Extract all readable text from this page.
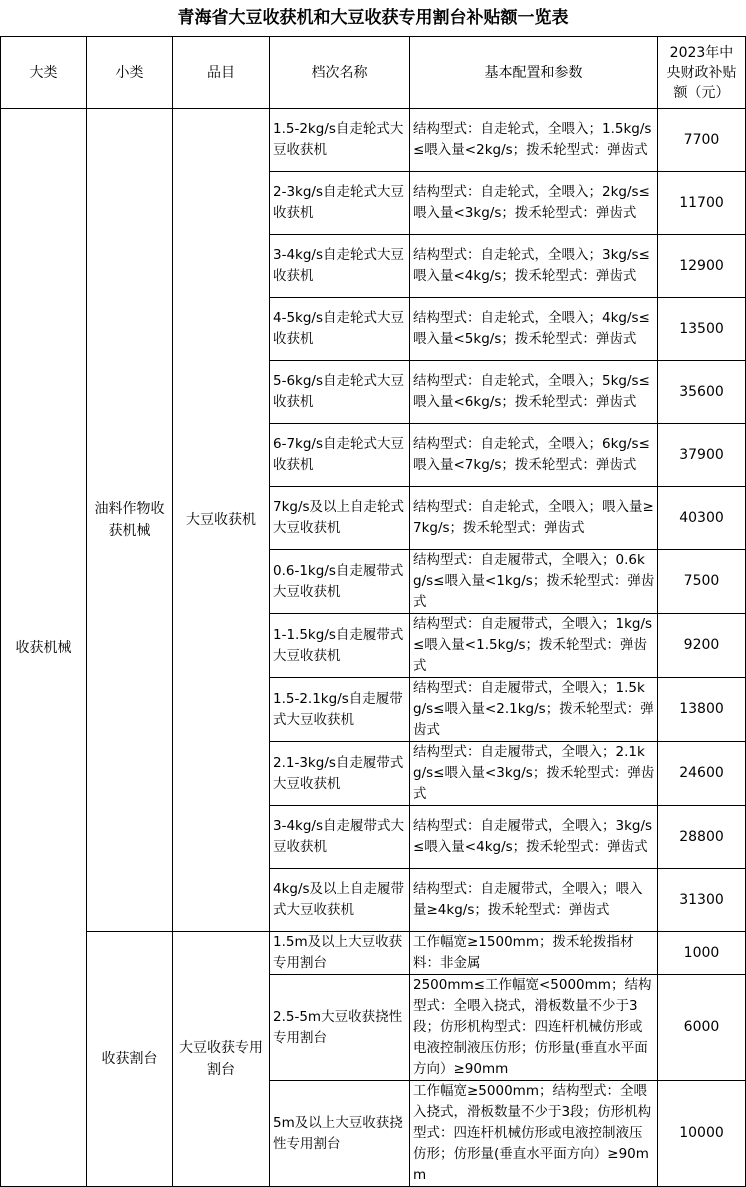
青海省大豆收获机和大豆收获专用割台补贴额一览表
大类	小类	品目	档次名称	基本配置和参数	2023年中央财政补贴额（元）
收获机械	油料作物收获机械	大豆收获机	1.5-2kg/s自走轮式大豆收获机	结构型式：自走轮式，全喂入；1.5kg/s≤喂入量<2kg/s；拨禾轮型式：弹齿式	7700
			2-3kg/s自走轮式大豆收获机	结构型式：自走轮式，全喂入；2kg/s≤喂入量<3kg/s；拨禾轮型式：弹齿式	11700
			3-4kg/s自走轮式大豆收获机	结构型式：自走轮式，全喂入；3kg/s≤喂入量<4kg/s；拨禾轮型式：弹齿式	12900
			4-5kg/s自走轮式大豆收获机	结构型式：自走轮式，全喂入；4kg/s≤喂入量<5kg/s；拨禾轮型式：弹齿式	13500
			5-6kg/s自走轮式大豆收获机	结构型式：自走轮式，全喂入；5kg/s≤喂入量<6kg/s；拨禾轮型式：弹齿式	35600
			6-7kg/s自走轮式大豆收获机	结构型式：自走轮式，全喂入；6kg/s≤喂入量<7kg/s；拨禾轮型式：弹齿式	37900
			7kg/s及以上自走轮式大豆收获机	结构型式：自走轮式，全喂入；喂入量≥7kg/s；拨禾轮型式：弹齿式	40300
			0.6-1kg/s自走履带式大豆收获机	结构型式：自走履带式，全喂入；0.6kg/s≤喂入量<1kg/s；拨禾轮型式：弹齿式	7500
			1-1.5kg/s自走履带式大豆收获机	结构型式：自走履带式，全喂入；1kg/s≤喂入量<1.5kg/s；拨禾轮型式：弹齿式	9200
			1.5-2.1kg/s自走履带式大豆收获机	结构型式：自走履带式，全喂入；1.5kg/s≤喂入量<2.1kg/s；拨禾轮型式：弹齿式	13800
			2.1-3kg/s自走履带式大豆收获机	结构型式：自走履带式，全喂入；2.1kg/s≤喂入量<3kg/s；拨禾轮型式：弹齿式	24600
			3-4kg/s自走履带式大豆收获机	结构型式：自走履带式，全喂入；3kg/s≤喂入量<4kg/s；拨禾轮型式：弹齿式	28800
			4kg/s及以上自走履带式大豆收获机	结构型式：自走履带式，全喂入；喂入量≥4kg/s；拨禾轮型式：弹齿式	31300
	收获割台	大豆收获专用割台	1.5m及以上大豆收获专用割台	工作幅宽≥1500mm；拨禾轮拨指材料：非金属	1000
			2.5-5m大豆收获挠性专用割台	2500mm≤工作幅宽<5000mm；结构型式：全喂入挠式，滑板数量不少于3段；仿形机构型式：四连杆机械仿形或电液控制液压仿形；仿形量(垂直水平面方向）≥90mm	6000
			5m及以上大豆收获挠性专用割台	工作幅宽≥5000mm；结构型式：全喂入挠式，滑板数量不少于3段；仿形机构型式：四连杆机械仿形或电液控制液压仿形；仿形量(垂直水平面方向）≥90mm	10000
